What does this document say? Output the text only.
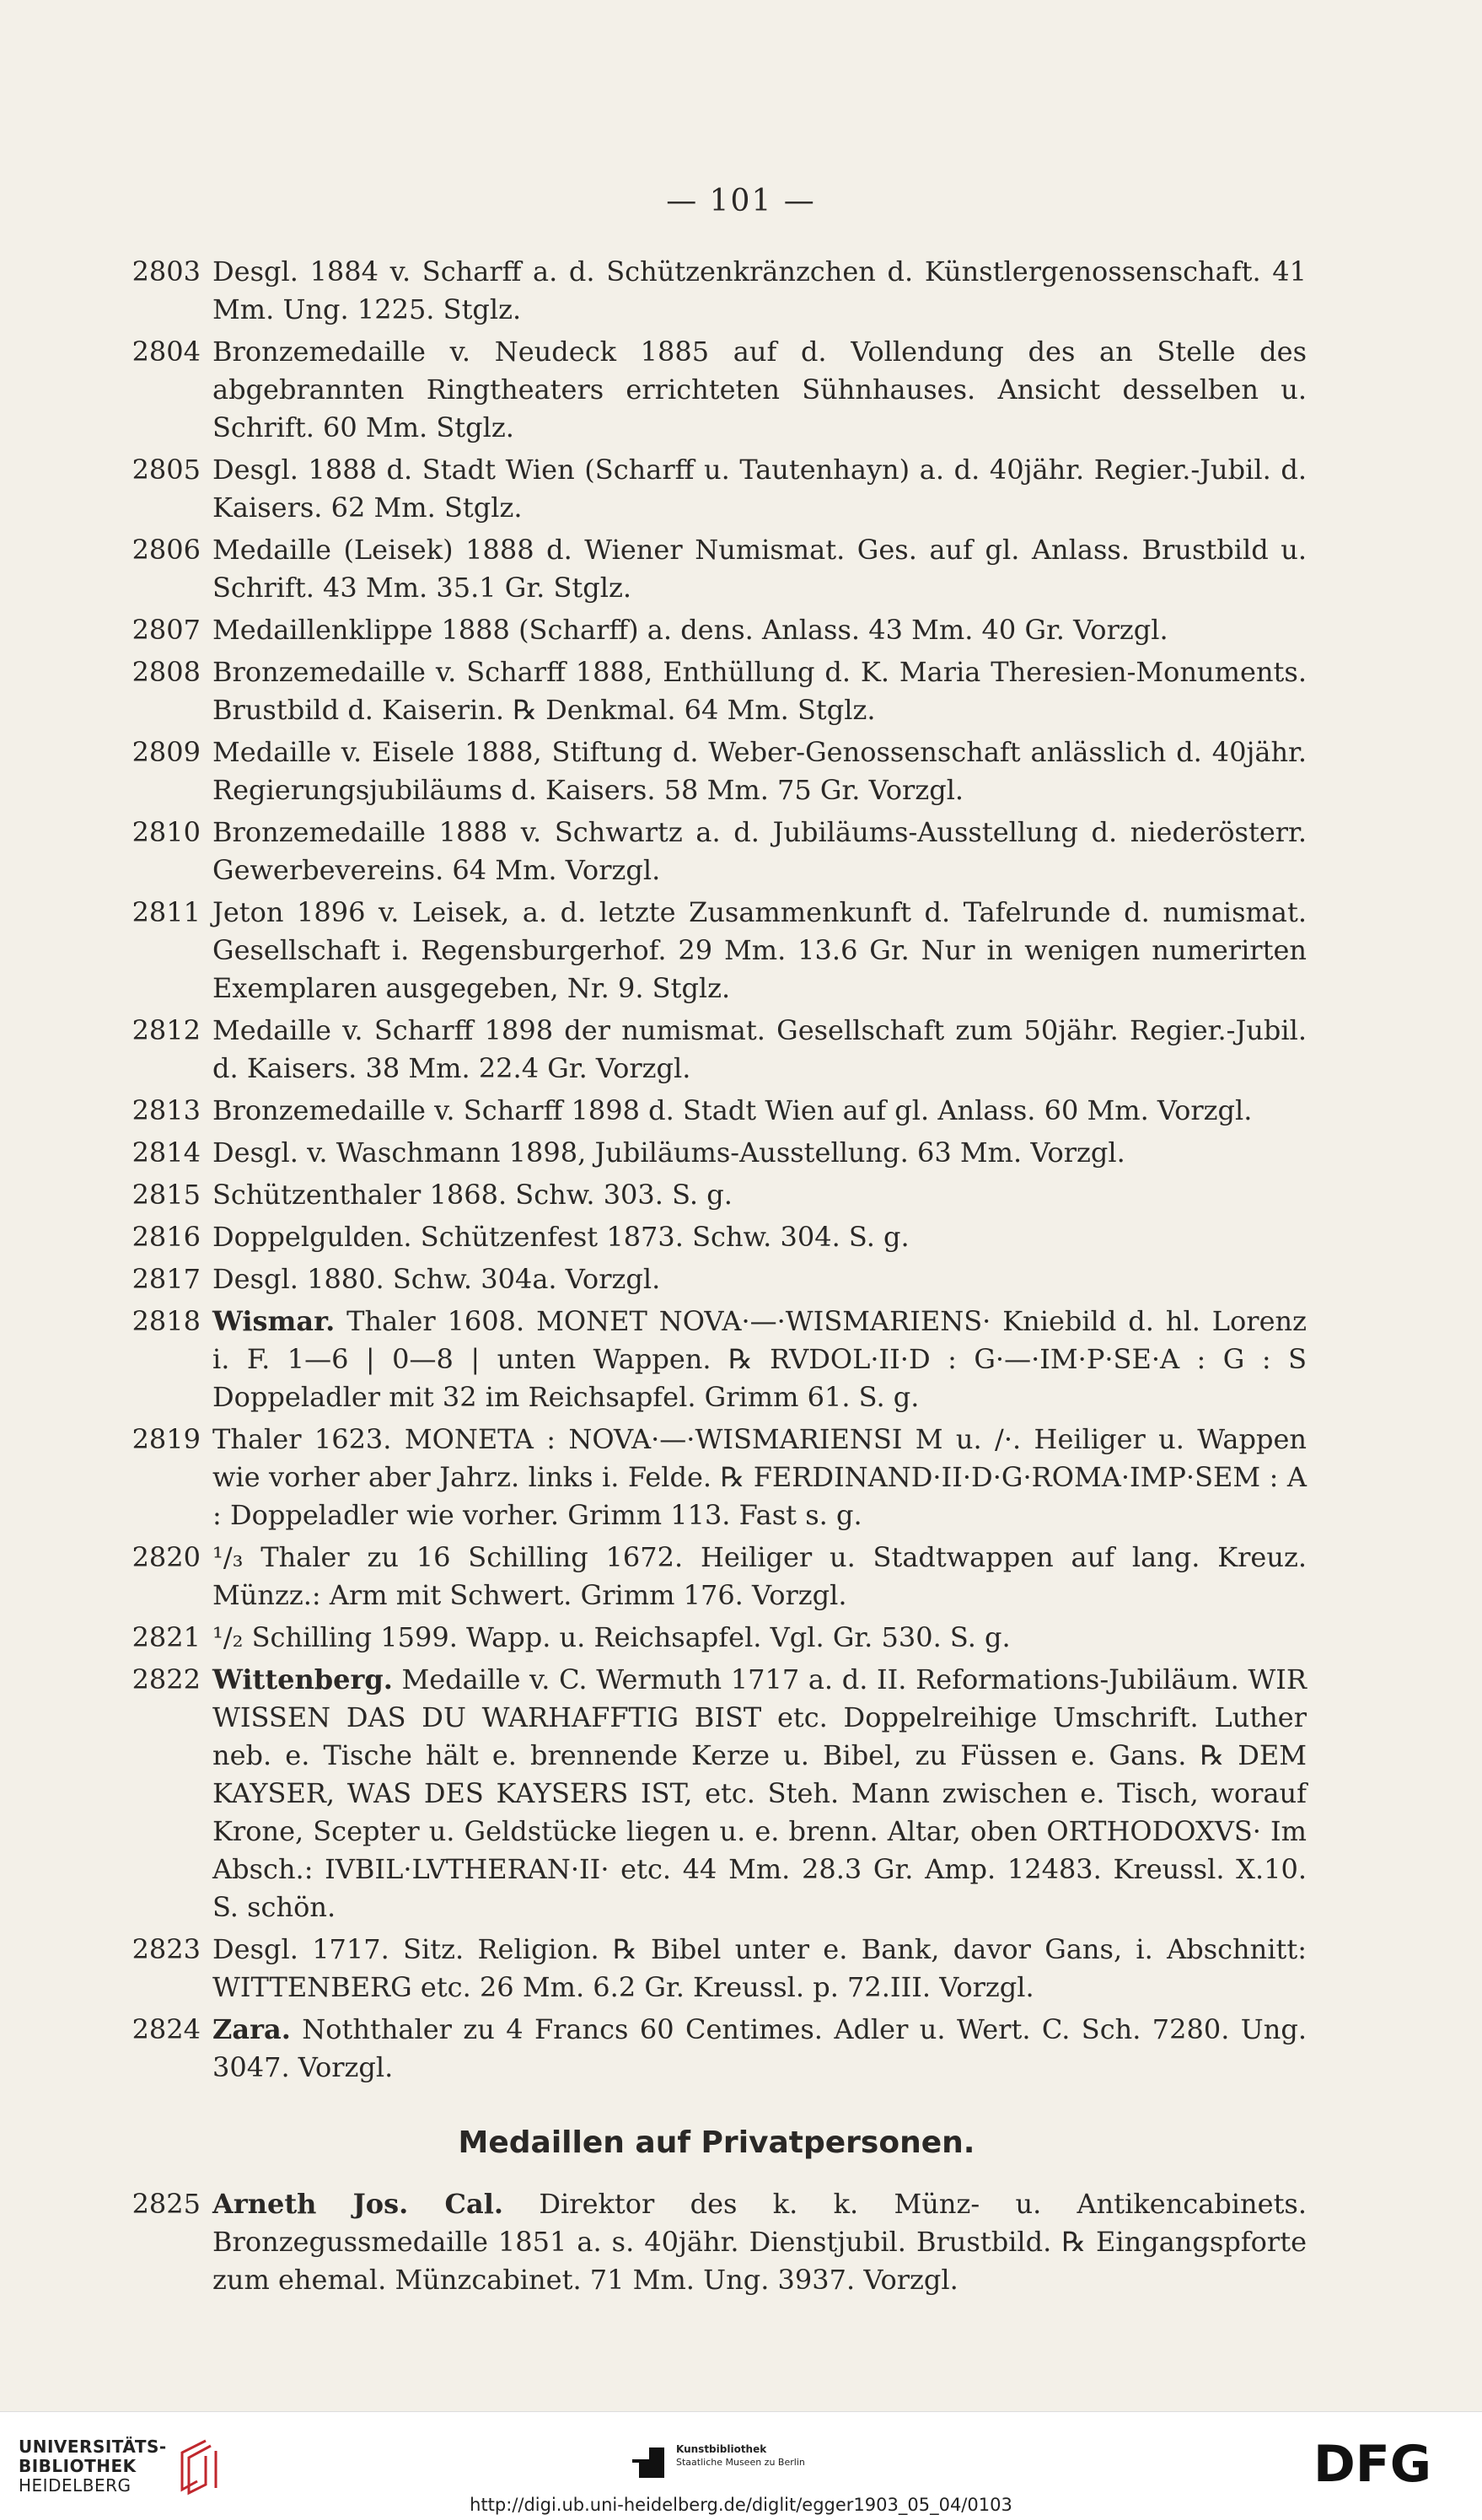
— 101 —
2803 Desgl. 1884 v. Scharff a. d. Schützenkränzchen d. Künstlergenossenschaft. 41 Mm. Ung. 1225. Stglz.
2804 Bronzemedaille v. Neudeck 1885 auf d. Vollendung des an Stelle des abgebrannten Ringtheaters errichteten Sühnhauses. Ansicht desselben u. Schrift. 60 Mm. Stglz.
2805 Desgl. 1888 d. Stadt Wien (Scharff u. Tautenhayn) a. d. 40jähr. Regier.-Jubil. d. Kaisers. 62 Mm. Stglz.
2806 Medaille (Leisek) 1888 d. Wiener Numismat. Ges. auf gl. Anlass. Brustbild u. Schrift. 43 Mm. 35.1 Gr. Stglz.
2807 Medaillenklippe 1888 (Scharff) a. dens. Anlass. 43 Mm. 40 Gr. Vorzgl.
2808 Bronzemedaille v. Scharff 1888, Enthüllung d. K. Maria Theresien-Monuments. Brustbild d. Kaiserin. ℞ Denkmal. 64 Mm. Stglz.
2809 Medaille v. Eisele 1888, Stiftung d. Weber-Genossenschaft anlässlich d. 40jähr. Regierungsjubiläums d. Kaisers. 58 Mm. 75 Gr. Vorzgl.
2810 Bronzemedaille 1888 v. Schwartz a. d. Jubiläums-Ausstellung d. niederösterr. Gewerbevereins. 64 Mm. Vorzgl.
2811 Jeton 1896 v. Leisek, a. d. letzte Zusammenkunft d. Tafelrunde d. numismat. Gesellschaft i. Regensburgerhof. 29 Mm. 13.6 Gr. Nur in wenigen numerirten Exemplaren ausgegeben, Nr. 9. Stglz.
2812 Medaille v. Scharff 1898 der numismat. Gesellschaft zum 50jähr. Regier.-Jubil. d. Kaisers. 38 Mm. 22.4 Gr. Vorzgl.
2813 Bronzemedaille v. Scharff 1898 d. Stadt Wien auf gl. Anlass. 60 Mm. Vorzgl.
2814 Desgl. v. Waschmann 1898, Jubiläums-Ausstellung. 63 Mm. Vorzgl.
2815 Schützenthaler 1868. Schw. 303. S. g.
2816 Doppelgulden. Schützenfest 1873. Schw. 304. S. g.
2817 Desgl. 1880. Schw. 304a. Vorzgl.
2818 Wismar. Thaler 1608. MONET NOVA·—·WISMARIENS· Kniebild d. hl. Lorenz i. F. 1—6 | 0—8 | unten Wappen. ℞ RVDOL·II·D : G·—·IM·P·SE·A : G : S Doppeladler mit 32 im Reichsapfel. Grimm 61. S. g.
2819 Thaler 1623. MONETA : NOVA·—·WISMARIENSI M u. /·. Heiliger u. Wappen wie vorher aber Jahrz. links i. Felde. ℞ FERDINAND·II·D·G·ROMA·IMP·SEM : A : Doppeladler wie vorher. Grimm 113. Fast s. g.
2820 ¹/₃ Thaler zu 16 Schilling 1672. Heiliger u. Stadtwappen auf lang. Kreuz. Münzz.: Arm mit Schwert. Grimm 176. Vorzgl.
2821 ¹/₂ Schilling 1599. Wapp. u. Reichsapfel. Vgl. Gr. 530. S. g.
2822 Wittenberg. Medaille v. C. Wermuth 1717 a. d. II. Reformations-Jubiläum. WIR WISSEN DAS DU WARHAFFTIG BIST etc. Doppelreihige Umschrift. Luther neb. e. Tische hält e. brennende Kerze u. Bibel, zu Füssen e. Gans. ℞ DEM KAYSER, WAS DES KAYSERS IST, etc. Steh. Mann zwischen e. Tisch, worauf Krone, Scepter u. Geldstücke liegen u. e. brenn. Altar, oben ORTHODOXVS· Im Absch.: IVBIL·LVTHERAN·II· etc. 44 Mm. 28.3 Gr. Amp. 12483. Kreussl. X.10. S. schön.
2823 Desgl. 1717. Sitz. Religion. ℞ Bibel unter e. Bank, davor Gans, i. Abschnitt: WITTENBERG etc. 26 Mm. 6.2 Gr. Kreussl. p. 72.III. Vorzgl.
2824 Zara. Noththaler zu 4 Francs 60 Centimes. Adler u. Wert. C. Sch. 7280. Ung. 3047. Vorzgl.
Medaillen auf Privatpersonen.
2825 Arneth Jos. Cal. Direktor des k. k. Münz- u. Antikencabinets. Bronzegussmedaille 1851 a. s. 40jähr. Dienstjubil. Brustbild. ℞ Eingangspforte zum ehemal. Münzcabinet. 71 Mm. Ung. 3937. Vorzgl.
UNIVERSITÄTS-
BIBLIOTHEK
HEIDELBERG
Kunstbibliothek
Staatliche Museen zu Berlin	DFG
http://digi.ub.uni-heidelberg.de/diglit/egger1903_05_04/0103
